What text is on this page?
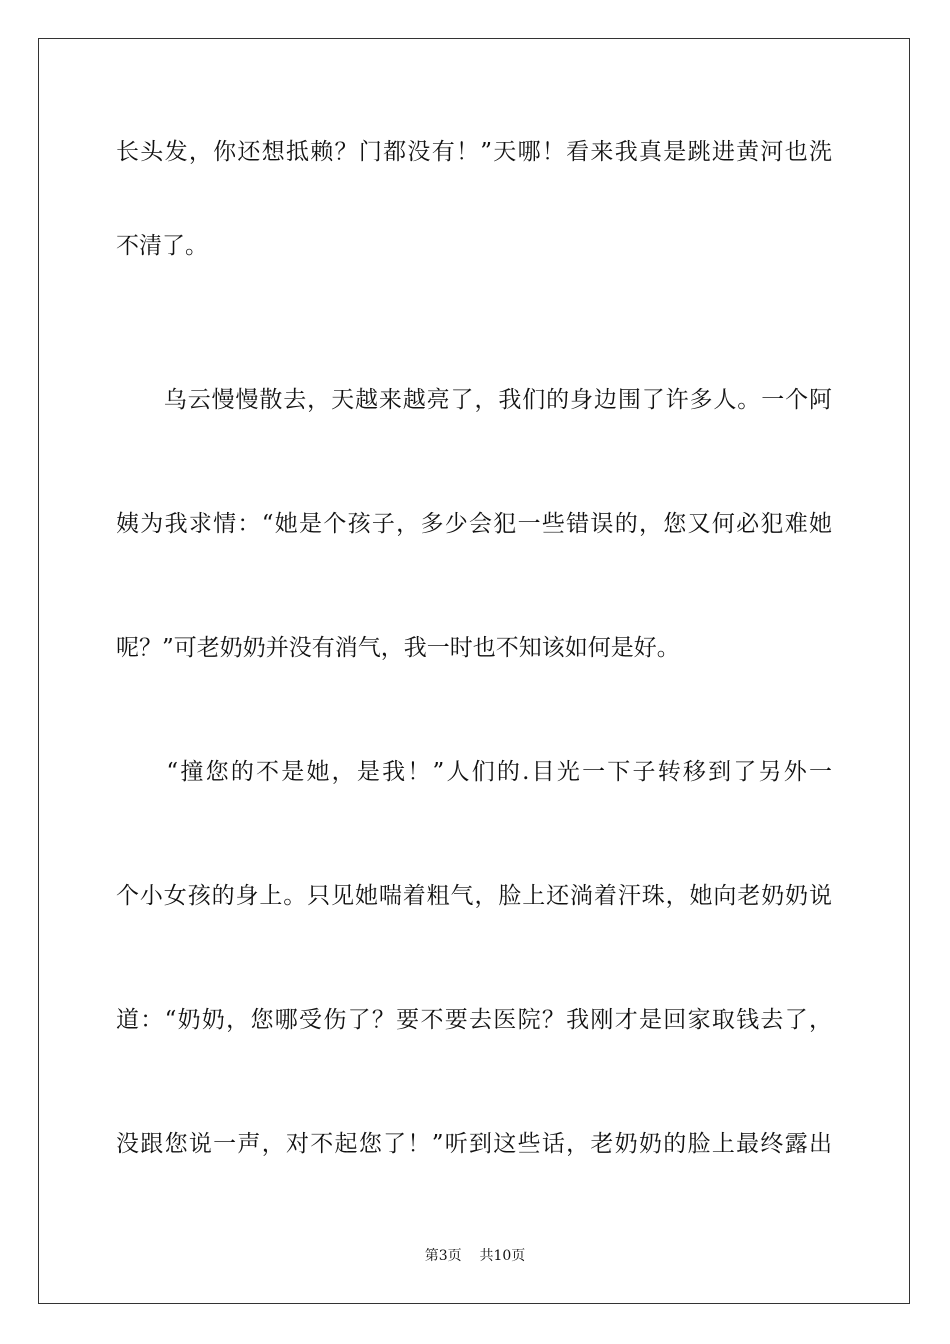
长头发，你还想抵赖？门都没有！”天哪！看来我真是跳进黄河也洗
不清了。
　　乌云慢慢散去，天越来越亮了，我们的身边围了许多人。一个阿
姨为我求情：“她是个孩子，多少会犯一些错误的，您又何必犯难她
呢？”可老奶奶并没有消气，我一时也不知该如何是好。
　　“撞您的不是她，是我！”人们的.目光一下子转移到了另外一
个小女孩的身上。只见她喘着粗气，脸上还淌着汗珠，她向老奶奶说
道：“奶奶，您哪受伤了？要不要去医院？我刚才是回家取钱去了，
没跟您说一声，对不起您了！”听到这些话，老奶奶的脸上最终露出
第3页 共10页
